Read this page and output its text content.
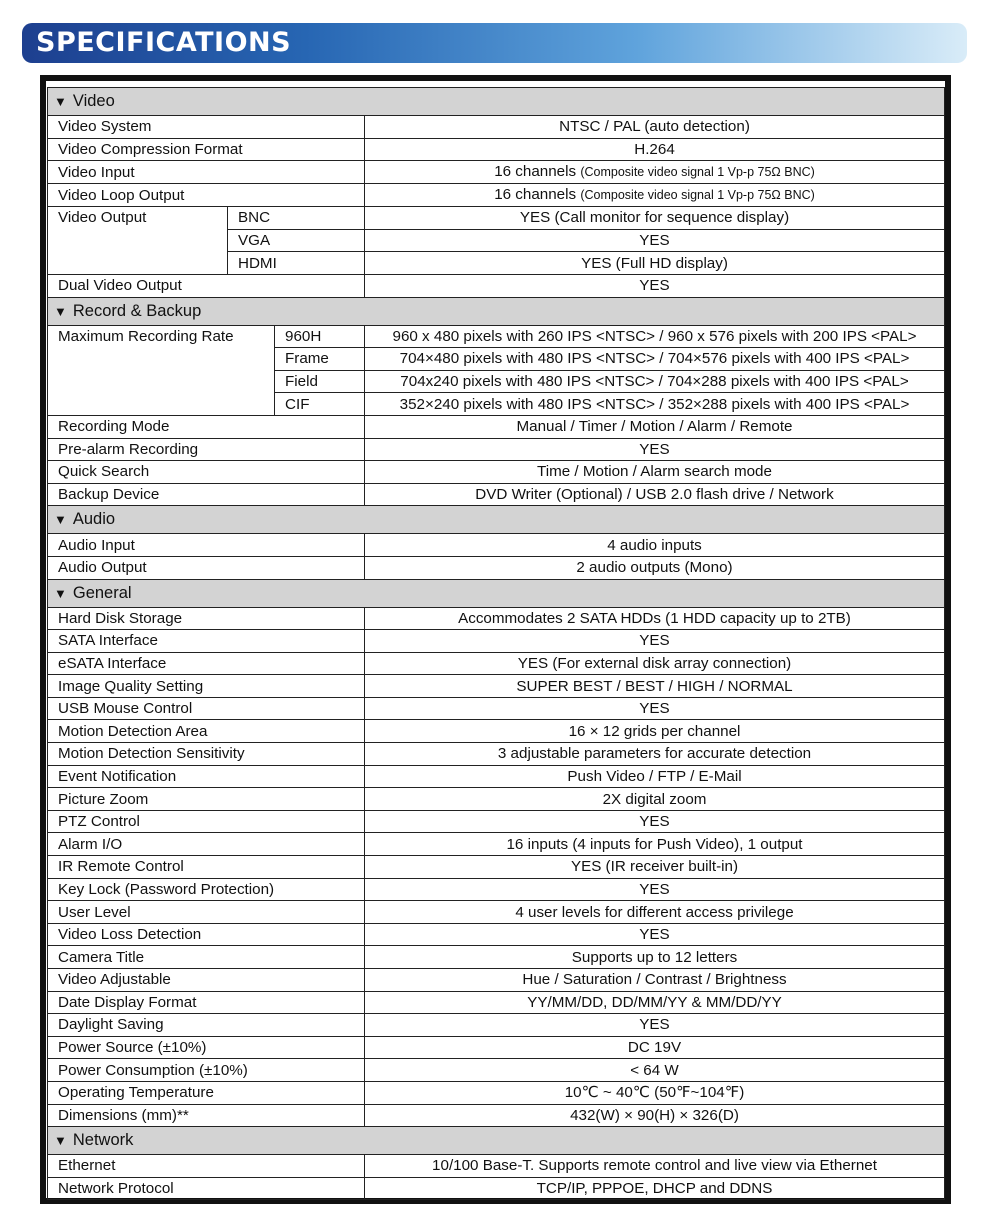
SPECIFICATIONS
▼ Video			
Video System			NTSC / PAL (auto detection)
Video Compression Format			H.264
Video Input			16 channels (Composite video signal 1 Vp-p 75Ω BNC)
Video Loop Output			16 channels (Composite video signal 1 Vp-p 75Ω BNC)
Video Output	BNC		YES (Call monitor for sequence display)
	VGA		YES
	HDMI		YES (Full HD display)
Dual Video Output			YES
▼ Record & Backup			
Maximum Recording Rate		960H	960 x 480 pixels with 260 IPS <NTSC> / 960 x 576 pixels with 200 IPS <PAL>
		Frame	704×480 pixels with 480 IPS <NTSC> / 704×576 pixels with 400 IPS <PAL>
		Field	704x240 pixels with 480 IPS <NTSC> / 704×288 pixels with 400 IPS <PAL>
		CIF	352×240 pixels with 480 IPS <NTSC> / 352×288 pixels with 400 IPS <PAL>
Recording Mode			Manual / Timer / Motion / Alarm / Remote
Pre-alarm Recording			YES
Quick Search			Time / Motion / Alarm search mode
Backup Device			DVD Writer (Optional) / USB 2.0 flash drive / Network
▼ Audio			
Audio Input			4 audio inputs
Audio Output			2 audio outputs (Mono)
▼ General			
Hard Disk Storage			Accommodates 2 SATA HDDs (1 HDD capacity up to 2TB)
SATA Interface			YES
eSATA Interface			YES (For external disk array connection)
Image Quality Setting			SUPER BEST / BEST / HIGH / NORMAL
USB Mouse Control			YES
Motion Detection Area			16 × 12 grids per channel
Motion Detection Sensitivity			3 adjustable parameters for accurate detection
Event Notification			Push Video / FTP / E-Mail
Picture Zoom			2X digital zoom
PTZ Control			YES
Alarm I/O			16 inputs (4 inputs for Push Video), 1 output
IR Remote Control			YES (IR receiver built-in)
Key Lock (Password Protection)			YES
User Level			4 user levels for different access privilege
Video Loss Detection			YES
Camera Title			Supports up to 12 letters
Video Adjustable			Hue / Saturation / Contrast / Brightness
Date Display Format			YY/MM/DD, DD/MM/YY & MM/DD/YY
Daylight Saving			YES
Power Source (±10%)			DC 19V
Power Consumption (±10%)			< 64 W
Operating Temperature			10℃ ~ 40℃ (50℉~104℉)
Dimensions (mm)**			432(W) × 90(H) × 326(D)
▼ Network			
Ethernet			10/100 Base-T. Supports remote control and live view via Ethernet
Network Protocol			TCP/IP, PPPOE, DHCP and DDNS
